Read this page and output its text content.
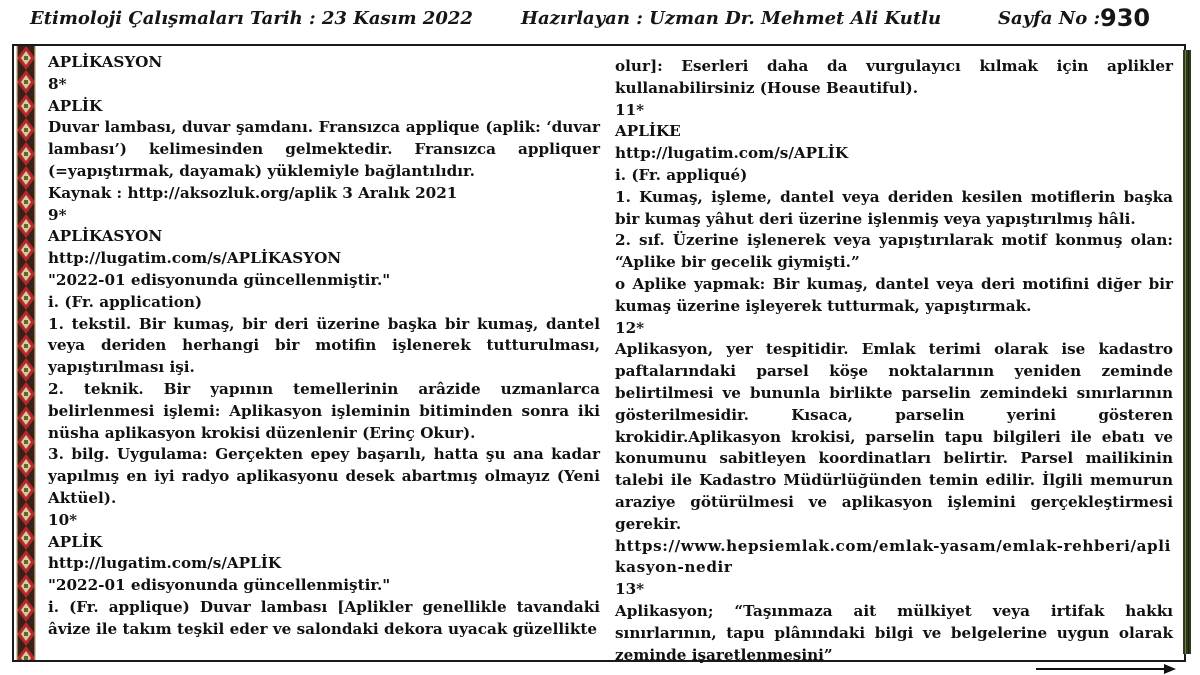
Etimoloji Çalışmaları Tarih : 23 Kasım 2022	Hazırlayan : Uzman Dr. Mehmet Ali Kutlu	Sayfa No : 930

APLİKASYON

8*

APLİK

Duvar lambası, duvar şamdanı. Fransızca applique (aplik: ‘duvar lambası’) kelimesinden gelmektedir. Fransızca appliquer (=yapıştırmak, dayamak) yüklemiyle bağlantılıdır.

Kaynak : http://aksozluk.org/aplik 3 Aralık 2021

9*

APLİKASYON

http://lugatim.com/s/APLİKASYON

"2022-01 edisyonunda güncellenmiştir."

i. (Fr. application)

1. tekstil. Bir kumaş, bir deri üzerine başka bir kumaş, dantel veya deriden herhangi bir motifin işlenerek tutturulması, yapıştırılması işi.

2. teknik. Bir yapının temellerinin arâzide uzmanlarca belirlenmesi işlemi: Aplikasyon işleminin bitiminden sonra iki nüsha aplikasyon krokisi düzenlenir (Erinç Okur).

3. bilg. Uygulama: Gerçekten epey başarılı, hatta şu ana kadar yapılmış en iyi radyo aplikasyonu desek abartmış olmayız (Yeni Aktüel).

10*

APLİK

http://lugatim.com/s/APLİK

"2022-01 edisyonunda güncellenmiştir."

i. (Fr. applique) Duvar lambası [Aplikler genellikle tavandaki âvize ile takım teşkil eder ve salondaki dekora uyacak güzellikte

olur]: Eserleri daha da vurgulayıcı kılmak için aplikler kullanabilirsiniz (House Beautiful).

11*

APLİKE

http://lugatim.com/s/APLİK

i. (Fr. appliqué)

1. Kumaş, işleme, dantel veya deriden kesilen motiflerin başka bir kumaş yâhut deri üzerine işlenmiş veya yapıştırılmış hâli.

2. sıf. Üzerine işlenerek veya yapıştırılarak motif konmuş olan: “Aplike bir gecelik giymişti.”

o Aplike yapmak: Bir kumaş, dantel veya deri motifini diğer bir kumaş üzerine işleyerek tutturmak, yapıştırmak.

12*

Aplikasyon, yer tespitidir. Emlak terimi olarak ise kadastro paftalarındaki parsel köşe noktalarının yeniden zeminde belirtilmesi ve bununla birlikte parselin zemindeki sınırlarının gösterilmesidir. Kısaca, parselin yerini gösteren krokidir.Aplikasyon krokisi, parselin tapu bilgileri ile ebatı ve konumunu sabitleyen koordinatları belirtir. Parsel mailikinin talebi ile Kadastro Müdürlüğünden temin edilir. İlgili memurun araziye götürülmesi ve aplikasyon işlemini gerçekleştirmesi gerekir.

https://www.hepsiemlak.com/emlak-yasam/emlak-rehberi/aplikasyon-nedir

13*

Aplikasyon; “Taşınmaza ait mülkiyet veya irtifak hakkı sınırlarının, tapu plânındaki bilgi ve belgelerine uygun olarak zeminde işaretlenmesini”
